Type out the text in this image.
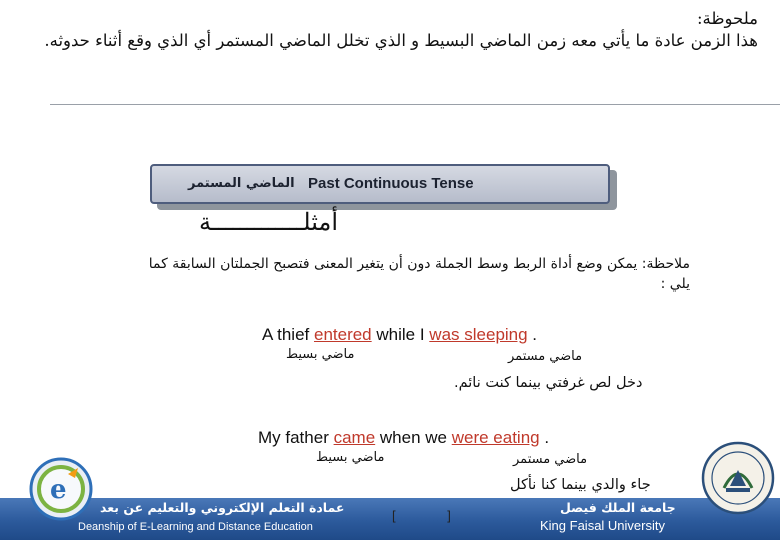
ملحوظة:
هذا الزمن عادة ما يأتي معه زمن الماضي البسيط و الذي تخلل الماضي المستمر أي الذي وقع أثناء حدوثه.
الماضي المستمر Past Continuous Tense
أمثلـــــــــــــة
ملاحظة: يمكن وضع أداة الربط وسط الجملة دون أن يتغير المعنى فتصبح الجملتان السابقة كما يلي :
A thief entered while I was sleeping .
ماضي بسيط	ماضي مستمر
دخل لص غرفتي بينما كنت نائم.
My father came when we were eating .
ماضي بسيط	ماضي مستمر
جاء والدي بينما كنا نأكل
عمادة التعلم الإلكتروني والتعليم عن بعد
Deanship of E-Learning and Distance Education
[ ]
جامعة الملك فيصل
King Faisal University
e
